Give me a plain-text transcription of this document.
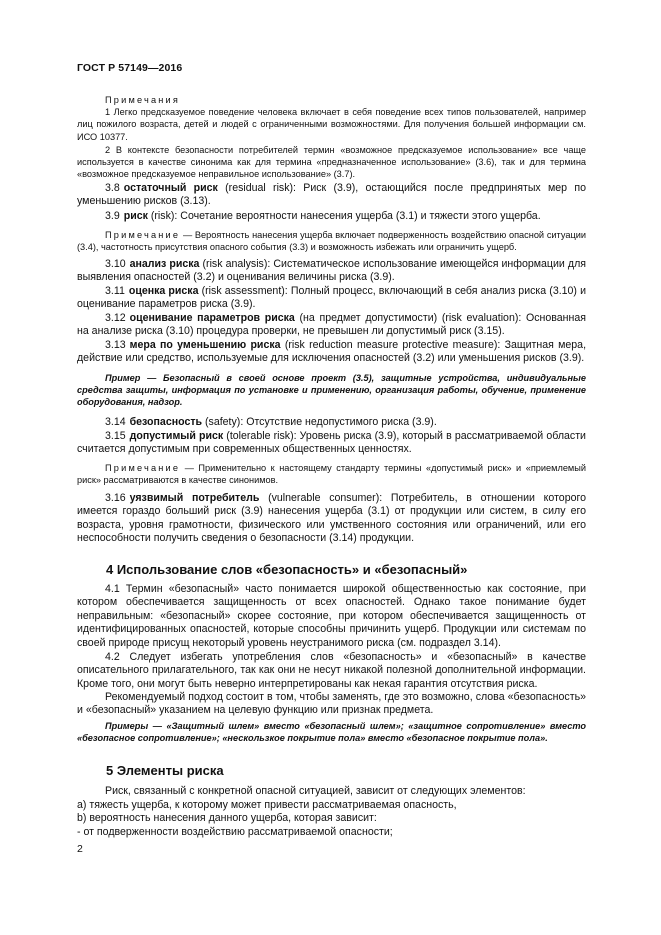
ГОСТ Р 57149—2016
Примечания
1 Легко предсказуемое поведение человека включает в себя поведение всех типов пользователей, например лиц пожилого возраста, детей и людей с ограниченными возможностями. Для получения большей информации см. ИСО 10377.
2 В контексте безопасности потребителей термин «возможное предсказуемое использование» все чаще используется в качестве синонима как для термина «предназначенное использование» (3.6), так и для термина «возможное предсказуемое неправильное использование» (3.7).
3.8 остаточный риск (residual risk): Риск (3.9), остающийся после предпринятых мер по уменьшению рисков (3.13).
3.9 риск (risk): Сочетание вероятности нанесения ущерба (3.1) и тяжести этого ущерба.
Примечание — Вероятность нанесения ущерба включает подверженность воздействию опасной ситуации (3.4), частотность присутствия опасного события (3.3) и возможность избежать или ограничить ущерб.
3.10 анализ риска (risk analysis): Систематическое использование имеющейся информации для выявления опасностей (3.2) и оценивания величины риска (3.9).
3.11 оценка риска (risk assessment): Полный процесс, включающий в себя анализ риска (3.10) и оценивание параметров риска (3.9).
3.12 оценивание параметров риска (на предмет допустимости) (risk evaluation): Основанная на анализе риска (3.10) процедура проверки, не превышен ли допустимый риск (3.15).
3.13 мера по уменьшению риска (risk reduction measure protective measure): Защитная мера, действие или средство, используемые для исключения опасностей (3.2) или уменьшения рисков (3.9).
Пример — Безопасный в своей основе проект (3.5), защитные устройства, индивидуальные средства защиты, информация по установке и применению, организация работы, обучение, применение оборудования, надзор.
3.14 безопасность (safety): Отсутствие недопустимого риска (3.9).
3.15 допустимый риск (tolerable risk): Уровень риска (3.9), который в рассматриваемой области считается допустимым при современных общественных ценностях.
Примечание — Применительно к настоящему стандарту термины «допустимый риск» и «приемлемый риск» рассматриваются в качестве синонимов.
3.16 уязвимый потребитель (vulnerable consumer): Потребитель, в отношении которого имеется гораздо больший риск (3.9) нанесения ущерба (3.1) от продукции или систем, в силу его возраста, уровня грамотности, физического или умственного состояния или ограничений, или его неспособности получить сведения о безопасности (3.14) продукции.
4 Использование слов «безопасность» и «безопасный»
4.1 Термин «безопасный» часто понимается широкой общественностью как состояние, при котором обеспечивается защищенность от всех опасностей. Однако такое понимание будет неправильным: «безопасный» скорее состояние, при котором обеспечивается защищенность от идентифицированных опасностей, которые способны причинить ущерб. Продукции или системам по своей природе присущ некоторый уровень неустранимого риска (см. подраздел 3.14).
4.2 Следует избегать употребления слов «безопасность» и «безопасный» в качестве описательного прилагательного, так как они не несут никакой полезной дополнительной информации. Кроме того, они могут быть неверно интерпретированы как некая гарантия отсутствия риска.
Рекомендуемый подход состоит в том, чтобы заменять, где это возможно, слова «безопасность» и «безопасный» указанием на целевую функцию или признак предмета.
Примеры — «Защитный шлем» вместо «безопасный шлем»; «защитное сопротивление» вместо «безопасное сопротивление»; «нескользкое покрытие пола» вместо «безопасное покрытие пола».
5 Элементы риска
Риск, связанный с конкретной опасной ситуацией, зависит от следующих элементов:
a) тяжесть ущерба, к которому может привести рассматриваемая опасность,
b) вероятность нанесения данного ущерба, которая зависит:
- от подверженности воздействию рассматриваемой опасности;
2
